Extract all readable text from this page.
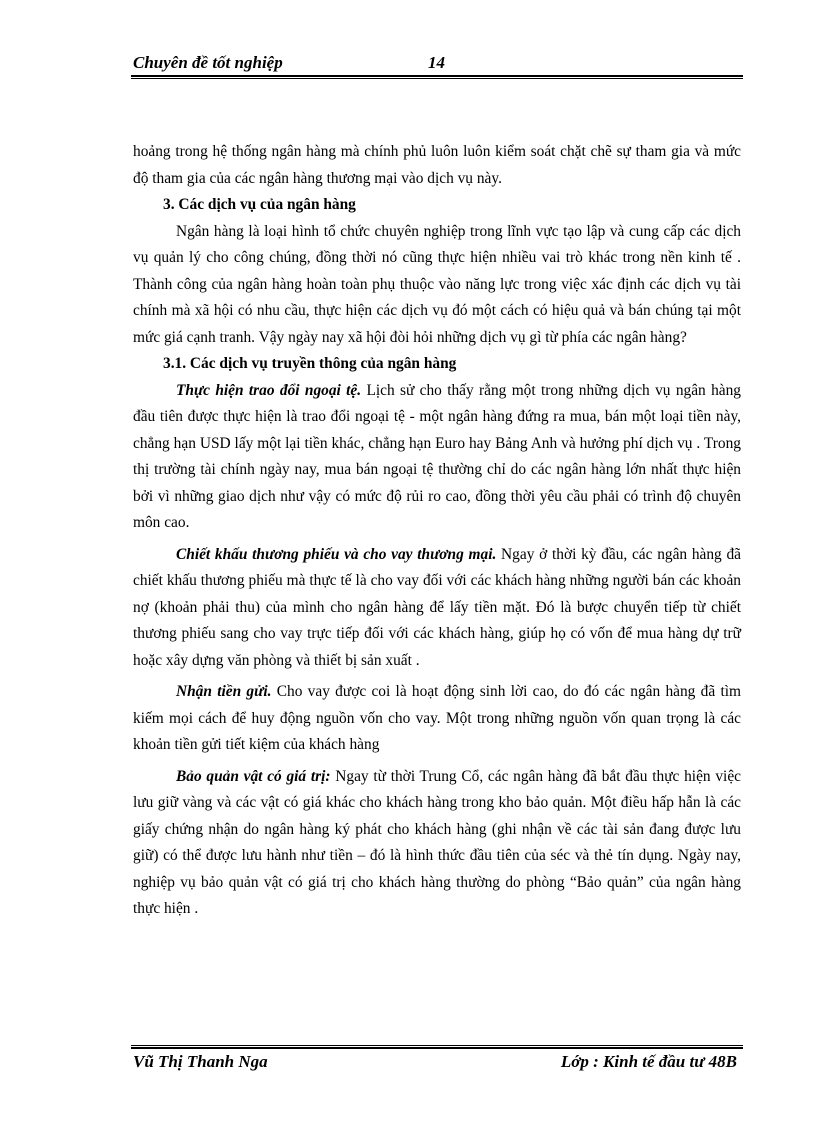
Chuyên đề tốt nghiệp	14

hoảng trong hệ thống ngân hàng mà chính phủ luôn luôn kiểm soát chặt chẽ sự tham gia và mức độ tham gia của các ngân hàng thương mại vào dịch vụ này.

3. Các dịch vụ của ngân hàng

Ngân hàng là loại hình tổ chức chuyên nghiệp trong lĩnh vực tạo lập và cung cấp các dịch vụ quản lý cho công chúng, đồng thời nó cũng thực hiện nhiều vai trò khác trong nền kinh tế . Thành công của ngân hàng hoàn toàn phụ thuộc vào năng lực trong việc xác định các dịch vụ tài chính mà xã hội có nhu cầu, thực hiện các dịch vụ đó một cách có hiệu quả và bán chúng tại một mức giá cạnh tranh. Vậy ngày nay xã hội đòi hỏi những dịch vụ gì từ phía các ngân hàng?

3.1. Các dịch vụ truyền thông của ngân hàng

Thực hiện trao đổi ngoại tệ. Lịch sử cho thấy rằng một trong những dịch vụ ngân hàng đầu tiên được thực hiện là trao đổi ngoại tệ - một ngân hàng đứng ra mua, bán một loại tiền này, chẳng hạn USD lấy một lại tiền khác, chẳng hạn Euro hay Bảng Anh và hưởng phí dịch vụ . Trong thị trường tài chính ngày nay, mua bán ngoại tệ thường chỉ do các ngân hàng lớn nhất thực hiện bởi vì những giao dịch như vậy có mức độ rủi ro cao, đồng thời yêu cầu phải có trình độ chuyên môn cao.

Chiết khấu thương phiếu và cho vay thương mại. Ngay ở thời kỳ đầu, các ngân hàng đã chiết khấu thương phiếu mà thực tế là cho vay đối với các khách hàng những người bán các khoản nợ (khoản phải thu) của mình cho ngân hàng để lấy tiền mặt. Đó là bược chuyển tiếp từ chiết thương phiếu sang cho vay trực tiếp đối với các khách hàng, giúp họ có vốn để mua hàng dự trữ hoặc xây dựng văn phòng và thiết bị sản xuất .

Nhận tiền gửi. Cho vay được coi là hoạt động sinh lời cao, do đó các ngân hàng đã tìm kiếm mọi cách để huy động nguồn vốn cho vay. Một trong những nguồn vốn quan trọng là các khoản tiền gửi tiết kiệm của khách hàng

Bảo quản vật có giá trị: Ngay từ thời Trung Cổ, các ngân hàng đã bắt đầu thực hiện việc lưu giữ vàng và các vật có giá khác cho khách hàng trong kho bảo quản. Một điều hấp hẫn là các giấy chứng nhận do ngân hàng ký phát cho khách hàng (ghi nhận về các tài sản đang được lưu giữ) có thể được lưu hành như tiền – đó là hình thức đầu tiên của séc và thẻ tín dụng. Ngày nay, nghiệp vụ bảo quản vật có giá trị cho khách hàng thường do phòng “Bảo quản” của ngân hàng thực hiện .

Vũ Thị Thanh Nga	Lớp : Kinh tế đầu tư 48B
